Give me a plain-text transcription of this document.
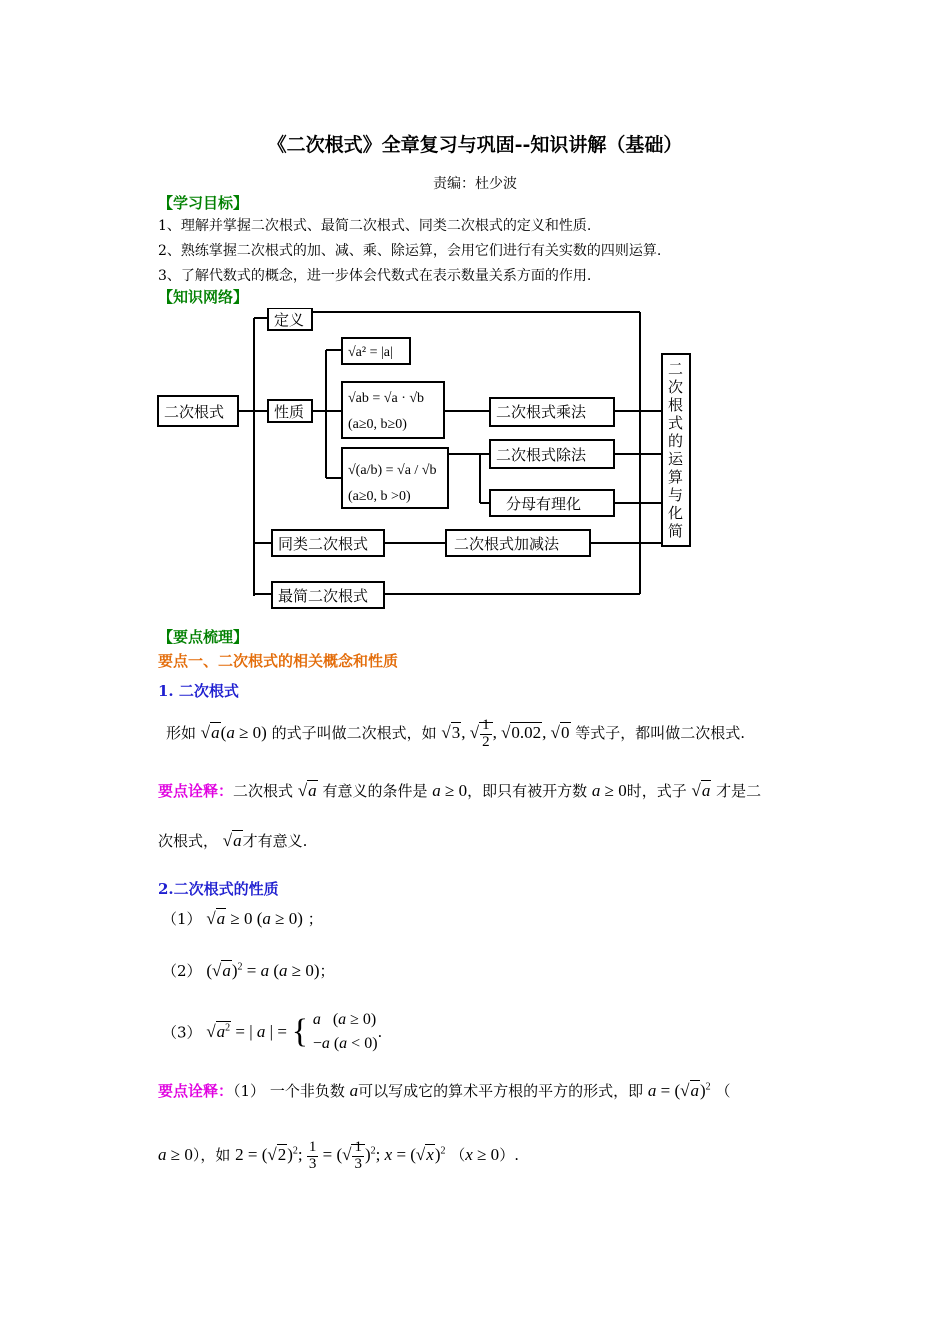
《二次根式》全章复习与巩固--知识讲解（基础）
责编：杜少波
【学习目标】
1、理解并掌握二次根式、最简二次根式、同类二次根式的定义和性质.
2、熟练掌握二次根式的加、减、乘、除运算，会用它们进行有关实数的四则运算.
3、了解代数式的概念，进一步体会代数式在表示数量关系方面的作用.
【知识网络】
二次根式
定义
性质
同类二次根式
最简二次根式
二次根式乘法
二次根式除法
分母有理化
二次根式加减法
√a² = |a|
√ab = √a · √b
(a≥0, b≥0)
√(a/b) = √a / √b
(a≥0, b >0)
二
次
根
式
的
运
算
与
化
简
【要点梳理】
要点一、二次根式的相关概念和性质
1. 二次根式
形如 √a(a ≥ 0) 的式子叫做二次根式，如 √3, √ $\frac{1}{2}$ , √0.02, √0 等式子，都叫做二次根式.
要点诠释：二次根式 √a 有意义的条件是 a ≥ 0，即只有被开方数 a ≥ 0时，式子 √a 才是二
次根式， √a才有意义.
2.二次根式的性质
（1） √a ≥ 0 (a ≥ 0) ；
（2） $(√a)^2 = a$ (a ≥ 0)；
（3） $√a^2$ = | a | = { a   (a ≥ 0)
−a (a < 0).
要点诠释：（1） 一个非负数 a可以写成它的算术平方根的平方的形式，即 $a = (√a)^2$ （
a ≥ 0），如 $2 = (√2)^2$; $\frac{1}{3}$ = (√ $\frac{1}{3} )^2$; $x = (√x)^2$ （x ≥ 0）.
